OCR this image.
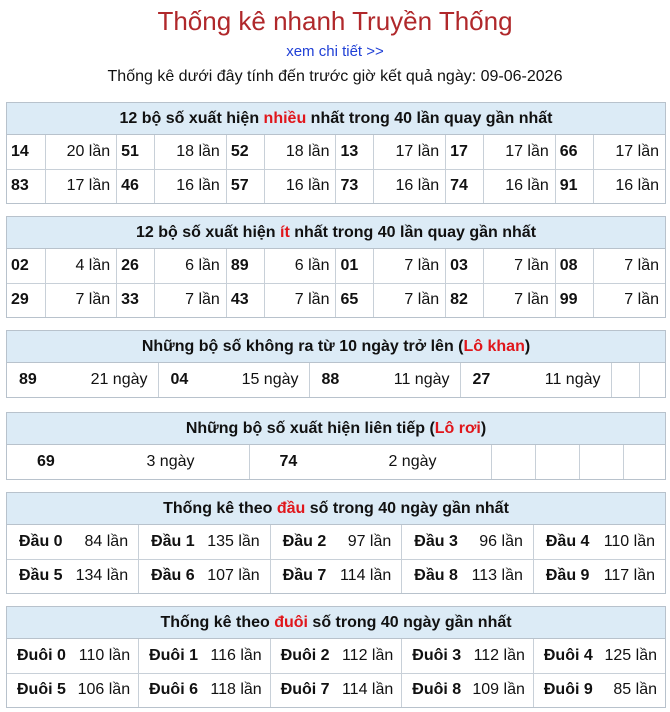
Thống kê nhanh Truyền Thống
xem chi tiết >>
Thống kê dưới đây tính đến trước giờ kết quả ngày: 09-06-2026
12 bộ số xuất hiện nhiều nhất trong 40 lần quay gần nhất
14	20 lần	51	18 lần	52	18 lần	13	17 lần	17	17 lần	66	17 lần
83	17 lần	46	16 lần	57	16 lần	73	16 lần	74	16 lần	91	16 lần
12 bộ số xuất hiện ít nhất trong 40 lần quay gần nhất
02	4 lần	26	6 lần	89	6 lần	01	7 lần	03	7 lần	08	7 lần
29	7 lần	33	7 lần	43	7 lần	65	7 lần	82	7 lần	99	7 lần
Những bộ số không ra từ 10 ngày trở lên (Lô khan)
89	21 ngày	04	15 ngày	88	11 ngày	27	11 ngày

Những bộ số xuất hiện liên tiếp (Lô rơi)
69	3 ngày	74	2 ngày

Thống kê theo đầu số trong 40 ngày gần nhất
Đầu 0 84 lần	Đầu 1 135 lần	Đầu 2 97 lần	Đầu 3 96 lần	Đầu 4 110 lần

Đầu 5 134 lần	Đầu 6 107 lần	Đầu 7 114 lần	Đầu 8 113 lần	Đầu 9 117 lần
Thống kê theo đuôi số trong 40 ngày gần nhất
Đuôi 0 110 lần	Đuôi 1 116 lần	Đuôi 2 112 lần	Đuôi 3 112 lần	Đuôi 4 125 lần

Đuôi 5 106 lần	Đuôi 6 118 lần	Đuôi 7 114 lần	Đuôi 8 109 lần	Đuôi 9 85 lần
